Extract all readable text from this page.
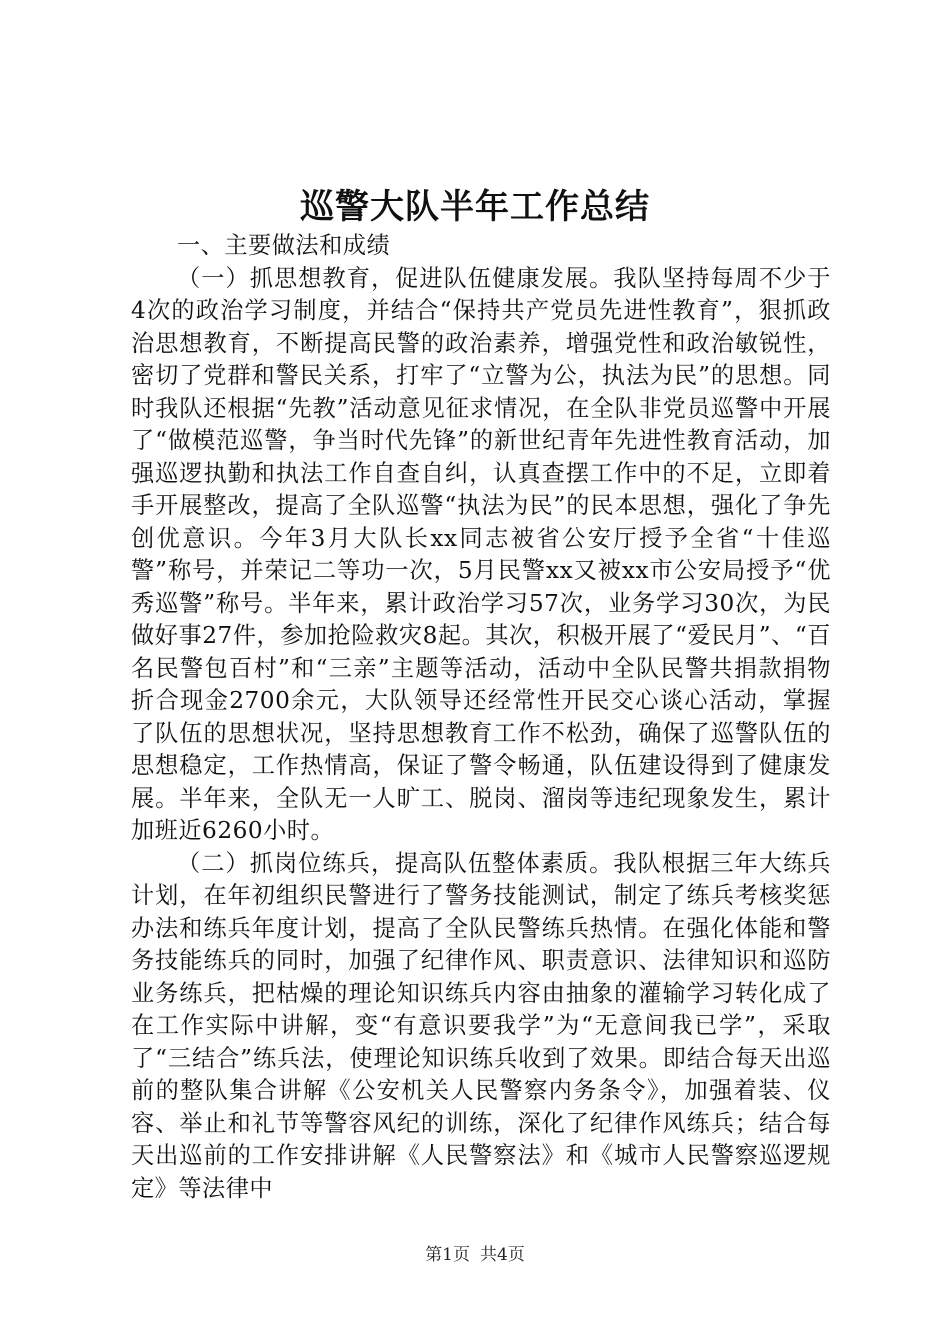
巡警大队半年工作总结

一、主要做法和成绩

（一）抓思想教育，促进队伍健康发展。我队坚持每周不少于4次的政治学习制度，并结合“保持共产党员先进性教育”，狠抓政治思想教育，不断提高民警的政治素养，增强党性和政治敏锐性，密切了党群和警民关系，打牢了“立警为公，执法为民”的思想。同时我队还根据“先教”活动意见征求情况，在全队非党员巡警中开展了“做模范巡警，争当时代先锋”的新世纪青年先进性教育活动，加强巡逻执勤和执法工作自查自纠，认真查摆工作中的不足，立即着手开展整改，提高了全队巡警“执法为民”的民本思想，强化了争先创优意识。今年3月大队长xx同志被省公安厅授予全省“十佳巡警”称号，并荣记二等功一次，5月民警xx又被xx市公安局授予“优秀巡警”称号。半年来，累计政治学习57次，业务学习30次，为民做好事27件，参加抢险救灾8起。其次，积极开展了“爱民月”、“百名民警包百村”和“三亲”主题等活动，活动中全队民警共捐款捐物折合现金2700余元，大队领导还经常性开民交心谈心活动，掌握了队伍的思想状况，坚持思想教育工作不松劲，确保了巡警队伍的思想稳定，工作热情高，保证了警令畅通，队伍建设得到了健康发展。半年来，全队无一人旷工、脱岗、溜岗等违纪现象发生，累计加班近6260小时。

（二）抓岗位练兵，提高队伍整体素质。我队根据三年大练兵计划，在年初组织民警进行了警务技能测试，制定了练兵考核奖惩办法和练兵年度计划，提高了全队民警练兵热情。在强化体能和警务技能练兵的同时，加强了纪律作风、职责意识、法律知识和巡防业务练兵，把枯燥的理论知识练兵内容由抽象的灌输学习转化成了在工作实际中讲解，变“有意识要我学”为“无意间我已学”，采取了“三结合”练兵法，使理论知识练兵收到了效果。即结合每天出巡前的整队集合讲解《公安机关人民警察内务条令》，加强着装、仪容、举止和礼节等警容风纪的训练，深化了纪律作风练兵；结合每天出巡前的工作安排讲解《人民警察法》和《城市人民警察巡逻规定》等法律中

第1页 共4页
